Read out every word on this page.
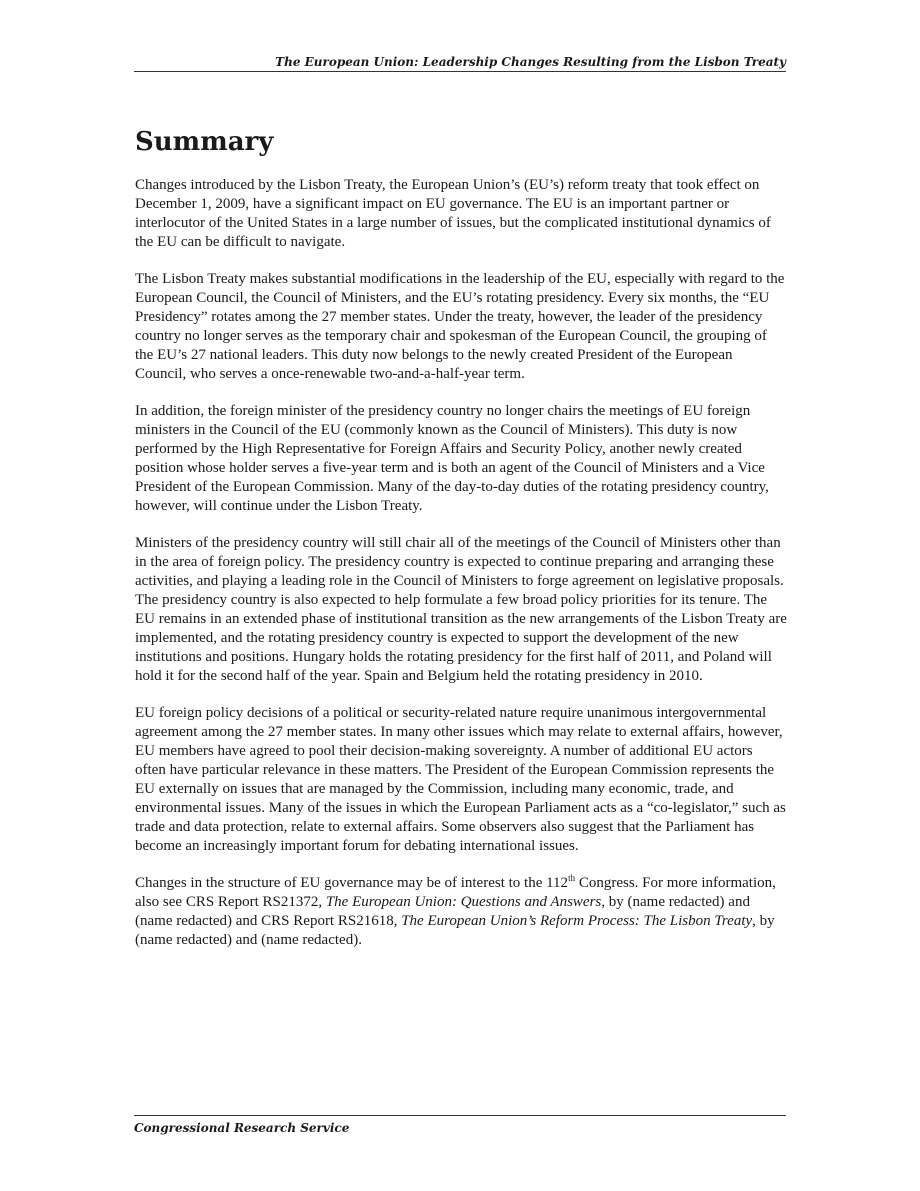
The European Union: Leadership Changes Resulting from the Lisbon Treaty
Summary

Changes introduced by the Lisbon Treaty, the European Union’s (EU’s) reform treaty that took effect on December 1, 2009, have a significant impact on EU governance. The EU is an important partner or interlocutor of the United States in a large number of issues, but the complicated institutional dynamics of the EU can be difficult to navigate.

The Lisbon Treaty makes substantial modifications in the leadership of the EU, especially with regard to the European Council, the Council of Ministers, and the EU’s rotating presidency. Every six months, the “EU Presidency” rotates among the 27 member states. Under the treaty, however, the leader of the presidency country no longer serves as the temporary chair and spokesman of the European Council, the grouping of the EU’s 27 national leaders. This duty now belongs to the newly created President of the European Council, who serves a once-renewable two-and-a-half-year term.

In addition, the foreign minister of the presidency country no longer chairs the meetings of EU foreign ministers in the Council of the EU (commonly known as the Council of Ministers). This duty is now performed by the High Representative for Foreign Affairs and Security Policy, another newly created position whose holder serves a five-year term and is both an agent of the Council of Ministers and a Vice President of the European Commission. Many of the day-to-day duties of the rotating presidency country, however, will continue under the Lisbon Treaty.

Ministers of the presidency country will still chair all of the meetings of the Council of Ministers other than in the area of foreign policy. The presidency country is expected to continue preparing and arranging these activities, and playing a leading role in the Council of Ministers to forge agreement on legislative proposals. The presidency country is also expected to help formulate a few broad policy priorities for its tenure. The EU remains in an extended phase of institutional transition as the new arrangements of the Lisbon Treaty are implemented, and the rotating presidency country is expected to support the development of the new institutions and positions. Hungary holds the rotating presidency for the first half of 2011, and Poland will hold it for the second half of the year. Spain and Belgium held the rotating presidency in 2010.

EU foreign policy decisions of a political or security-related nature require unanimous intergovernmental agreement among the 27 member states. In many other issues which may relate to external affairs, however, EU members have agreed to pool their decision-making sovereignty. A number of additional EU actors often have particular relevance in these matters. The President of the European Commission represents the EU externally on issues that are managed by the Commission, including many economic, trade, and environmental issues. Many of the issues in which the European Parliament acts as a “co-legislator,” such as trade and data protection, relate to external affairs. Some observers also suggest that the Parliament has become an increasingly important forum for debating international issues.

Changes in the structure of EU governance may be of interest to the 112th Congress. For more information, also see CRS Report RS21372, The European Union: Questions and Answers, by (name redacted) and (name redacted) and CRS Report RS21618, The European Union’s Reform Process: The Lisbon Treaty, by (name redacted) and (name redacted).

Congressional Research Service
